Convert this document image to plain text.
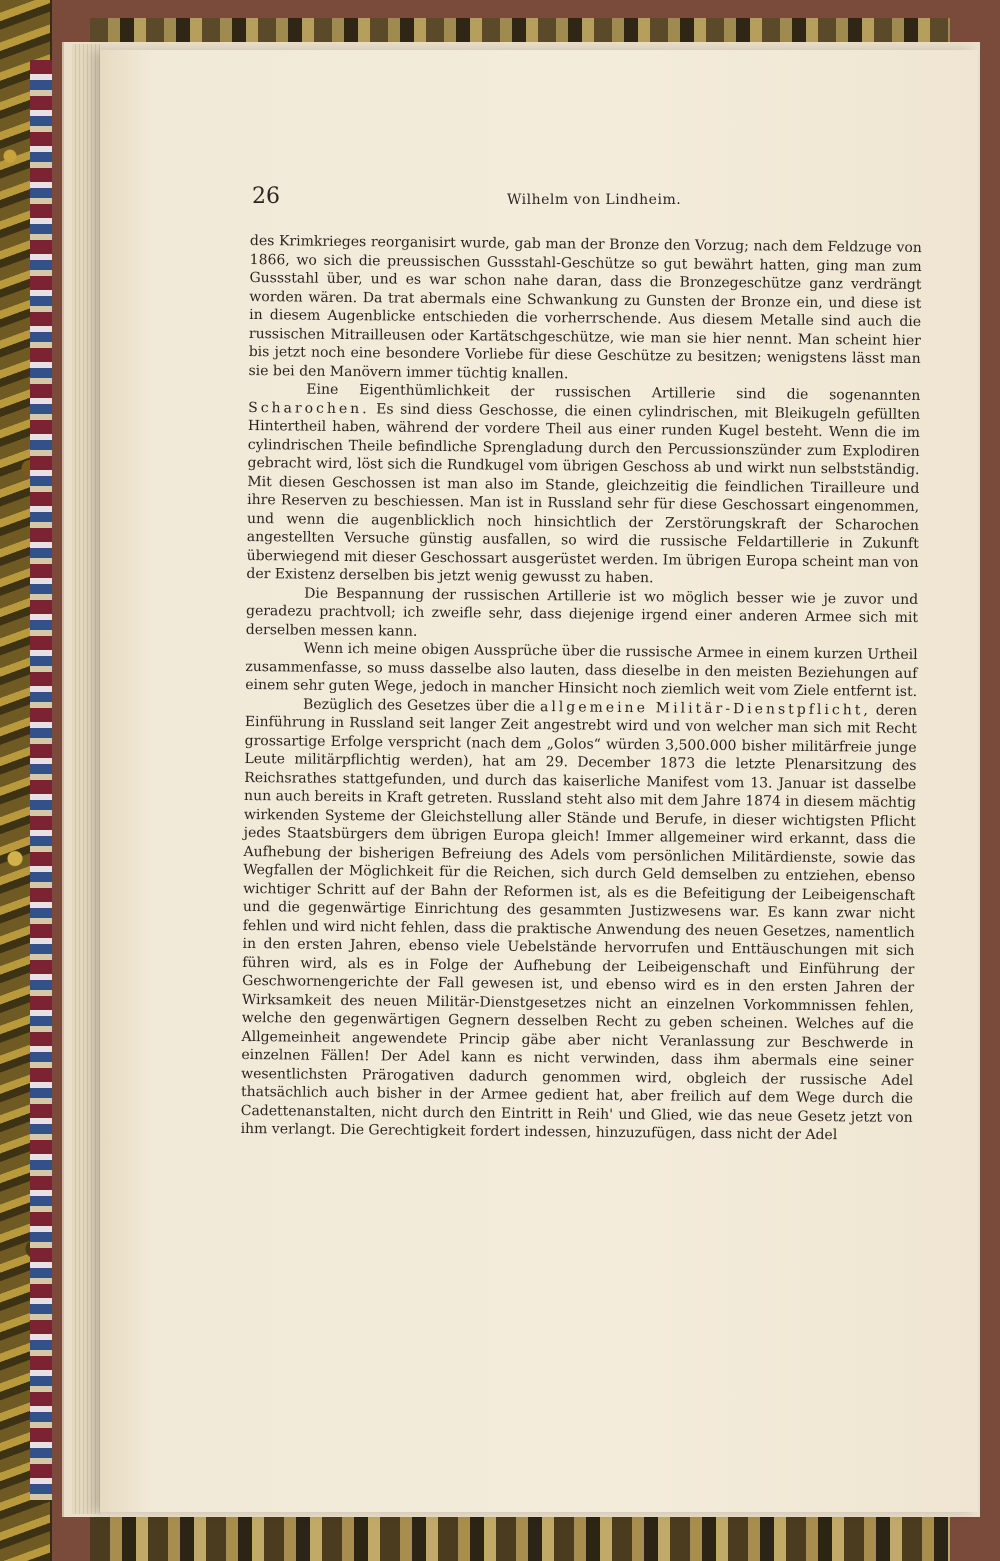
26	Wilhelm von Lindheim.

des Krimkrieges reorganisirt wurde, gab man der Bronze den Vorzug; nach dem Feldzuge von 1866, wo sich die preussischen Gussstahl-Geschütze so gut bewährt hatten, ging man zum Gussstahl über, und es war schon nahe daran, dass die Bronzegeschütze ganz verdrängt worden wären. Da trat abermals eine Schwankung zu Gunsten der Bronze ein, und diese ist in diesem Augenblicke entschieden die vorherrschende. Aus diesem Metalle sind auch die russischen Mitrailleusen oder Kartätschgeschütze, wie man sie hier nennt. Man scheint hier bis jetzt noch eine besondere Vorliebe für diese Geschütze zu besitzen; wenigstens lässt man sie bei den Manövern immer tüchtig knallen.

Eine Eigenthümlichkeit der russischen Artillerie sind die sogenannten Scharochen. Es sind diess Geschosse, die einen cylindrischen, mit Bleikugeln gefüllten Hintertheil haben, während der vordere Theil aus einer runden Kugel besteht. Wenn die im cylindrischen Theile befindliche Sprengladung durch den Percussionszünder zum Explodiren gebracht wird, löst sich die Rundkugel vom übrigen Geschoss ab und wirkt nun selbstständig. Mit diesen Geschossen ist man also im Stande, gleichzeitig die feindlichen Tirailleure und ihre Reserven zu beschiessen. Man ist in Russland sehr für diese Geschossart eingenommen, und wenn die augenblicklich noch hinsichtlich der Zerstörungskraft der Scharochen angestellten Versuche günstig ausfallen, so wird die russische Feldartillerie in Zukunft überwiegend mit dieser Geschossart ausgerüstet werden. Im übrigen Europa scheint man von der Existenz derselben bis jetzt wenig gewusst zu haben.

Die Bespannung der russischen Artillerie ist wo möglich besser wie je zuvor und geradezu prachtvoll; ich zweifle sehr, dass diejenige irgend einer anderen Armee sich mit derselben messen kann.

Wenn ich meine obigen Aussprüche über die russische Armee in einem kurzen Urtheil zusammenfasse, so muss dasselbe also lauten, dass dieselbe in den meisten Beziehungen auf einem sehr guten Wege, jedoch in mancher Hinsicht noch ziemlich weit vom Ziele entfernt ist.

Bezüglich des Gesetzes über die allgemeine Militär-Dienstpflicht, deren Einführung in Russland seit langer Zeit angestrebt wird und von welcher man sich mit Recht grossartige Erfolge verspricht (nach dem „Golos“ würden 3,500.000 bisher militärfreie junge Leute militärpflichtig werden), hat am 29. December 1873 die letzte Plenarsitzung des Reichsrathes stattgefunden, und durch das kaiserliche Manifest vom 13. Januar ist dasselbe nun auch bereits in Kraft getreten. Russland steht also mit dem Jahre 1874 in diesem mächtig wirkenden Systeme der Gleichstellung aller Stände und Berufe, in dieser wichtigsten Pflicht jedes Staatsbürgers dem übrigen Europa gleich! Immer allgemeiner wird erkannt, dass die Aufhebung der bisherigen Befreiung des Adels vom persönlichen Militärdienste, sowie das Wegfallen der Möglichkeit für die Reichen, sich durch Geld demselben zu entziehen, ebenso wichtiger Schritt auf der Bahn der Reformen ist, als es die Befeitigung der Leibeigenschaft und die gegenwärtige Einrichtung des gesammten Justizwesens war. Es kann zwar nicht fehlen und wird nicht fehlen, dass die praktische Anwendung des neuen Gesetzes, namentlich in den ersten Jahren, ebenso viele Uebelstände hervorrufen und Enttäuschungen mit sich führen wird, als es in Folge der Aufhebung der Leibeigenschaft und Einführung der Geschwornengerichte der Fall gewesen ist, und ebenso wird es in den ersten Jahren der Wirksamkeit des neuen Militär-Dienstgesetzes nicht an einzelnen Vorkommnissen fehlen, welche den gegenwärtigen Gegnern desselben Recht zu geben scheinen. Welches auf die Allgemeinheit angewendete Princip gäbe aber nicht Veranlassung zur Beschwerde in einzelnen Fällen! Der Adel kann es nicht verwinden, dass ihm abermals eine seiner wesentlichsten Prärogativen dadurch genommen wird, obgleich der russische Adel thatsächlich auch bisher in der Armee gedient hat, aber freilich auf dem Wege durch die Cadettenanstalten, nicht durch den Eintritt in Reih' und Glied, wie das neue Gesetz jetzt von ihm verlangt. Die Gerechtigkeit fordert indessen, hinzuzufügen, dass nicht der Adel
